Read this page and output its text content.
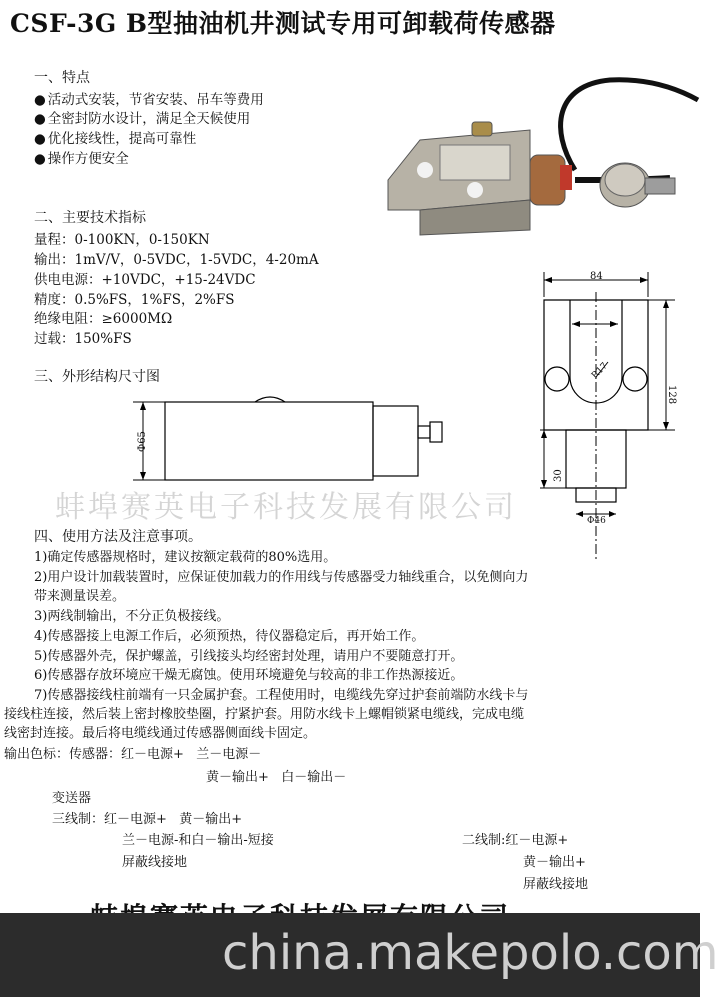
CSF-3G B型抽油机井测试专用可卸载荷传感器
一、特点
● 活动式安装，节省安装、吊车等费用
● 全密封防水设计，满足全天候使用
● 优化接线性，提高可靠性
● 操作方便安全
二、主要技术指标
量程：0-100KN，0-150KN
输出：1mV/V，0-5VDC，1-5VDC，4-20mA
供电电源：+10VDC，+15-24VDC
精度：0.5%FS，1%FS，2%FS
绝缘电阻：≥6000MΩ
过载：150%FS
三、外形结构尺寸图
Φ65
84
128
30
Φ46
R17
蚌埠赛英电子科技发展有限公司
四、使用方法及注意事项。
1)确定传感器规格时，建议按额定载荷的80%选用。
2)用户设计加载装置时，应保证使加载力的作用线与传感器受力轴线重合，以免侧向力
带来测量误差。
3)两线制输出，不分正负极接线。
4)传感器接上电源工作后，必须预热，待仪器稳定后，再开始工作。
5)传感器外壳，保护螺盖，引线接头均经密封处理，请用户不要随意打开。
6)传感器存放环境应干燥无腐蚀。使用环境避免与较高的非工作热源接近。
7)传感器接线柱前端有一只金属护套。工程使用时，电缆线先穿过护套前端防水线卡与
接线柱连接，然后装上密封橡胶垫圈，拧紧护套。用防水线卡上螺帽锁紧电缆线，完成电缆
线密封连接。最后将电缆线通过传感器侧面线卡固定。
输出色标：传感器：红－电源+   兰－电源－
黄－输出+   白－输出－
变送器
三线制：红－电源+   黄－输出+
兰－电源-和白－输出-短接
屏蔽线接地
二线制:红－电源+
黄－输出+
屏蔽线接地
china.makepolo.com
